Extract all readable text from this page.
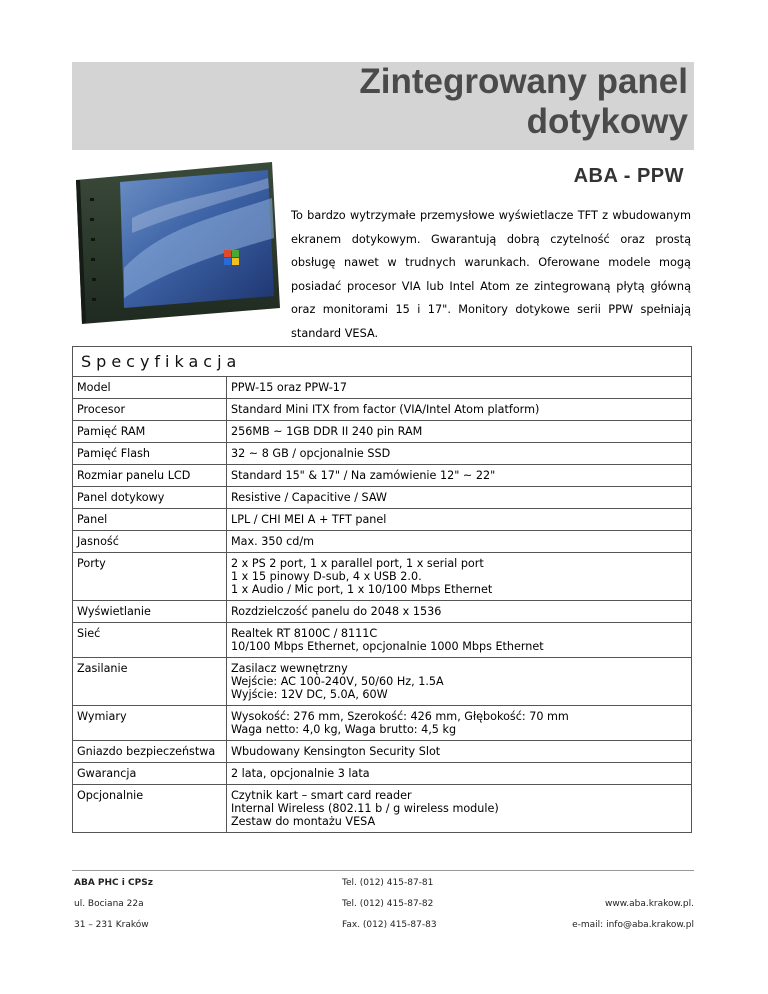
Zintegrowany panel
dotykowy
ABA - PPW
To bardzo wytrzymałe przemysłowe wyświetlacze TFT z wbudowanym ekranem dotykowym. Gwarantują dobrą czytelność oraz prostą obsługę nawet w trudnych warunkach. Oferowane modele mogą posiadać procesor VIA lub Intel Atom ze zintegrowaną płytą główną oraz monitorami 15 i 17". Monitory dotykowe serii PPW spełniają standard VESA.
Specyfikacja
Model	PPW-15 oraz PPW-17

Procesor	Standard Mini ITX from factor (VIA/Intel Atom platform)

Pamięć RAM	256MB ~ 1GB DDR II 240 pin RAM

Pamięć Flash	32 ~ 8 GB / opcjonalnie SSD

Rozmiar panelu LCD	Standard 15" & 17" / Na zamówienie 12" ~ 22"

Panel dotykowy	Resistive / Capacitive / SAW

Panel	LPL / CHI MEI A + TFT panel

Jasność	Max. 350 cd/m

Porty	2 x PS 2 port, 1 x parallel port, 1 x serial port
1 x 15 pinowy D-sub, 4 x USB 2.0.
1 x Audio / Mic port, 1 x 10/100 Mbps Ethernet

Wyświetlanie	Rozdzielczość panelu do 2048 x 1536

Sieć	Realtek RT 8100C / 8111C
10/100 Mbps Ethernet, opcjonalnie 1000 Mbps Ethernet

Zasilanie	Zasilacz wewnętrzny
Wejście: AC 100-240V, 50/60 Hz, 1.5A
Wyjście: 12V DC, 5.0A, 60W

Wymiary	Wysokość: 276 mm, Szerokość: 426 mm, Głębokość: 70 mm
Waga netto: 4,0 kg, Waga brutto: 4,5 kg

Gniazdo bezpieczeństwa	Wbudowany Kensington Security Slot

Gwarancja	2 lata, opcjonalnie 3 lata

Opcjonalnie	Czytnik kart – smart card reader
Internal Wireless (802.11 b / g wireless module)
Zestaw do montażu VESA
ABA PHC i CPSz
ul. Bociana 22a
31 – 231 Kraków
Tel. (012) 415-87-81
Tel. (012) 415-87-82
Fax. (012) 415-87-83
www.aba.krakow.pl.
e-mail: info@aba.krakow.pl
